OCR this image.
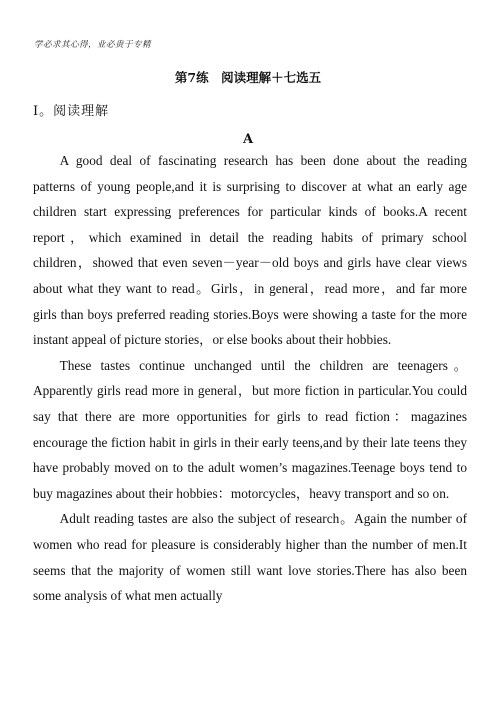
学必求其心得，业必贵于专精
第7练　阅读理解＋七选五
Ⅰ。阅读理解
A

A good deal of fascinating research has been done about the reading patterns of young people,and it is surprising to discover at what an early age children start expressing preferences for particular kinds of books.A recent report，which examined in detail the reading habits of primary school children，showed that even seven－year－old boys and girls have clear views about what they want to read。Girls，in general，read more，and far more girls than boys preferred reading stories.Boys were showing a taste for the more instant appeal of picture stories，or else books about their hobbies.

These tastes continue unchanged until the children are teenagers。Apparently girls read more in general，but more fiction in particular.You could say that there are more opportunities for girls to read fiction：magazines encourage the fiction habit in girls in their early teens,and by their late teens they have probably moved on to the adult women’s magazines.Teenage boys tend to buy magazines about their hobbies：motorcycles，heavy transport and so on.

Adult reading tastes are also the subject of research。Again the number of women who read for pleasure is considerably higher than the number of men.It seems that the majority of women still want love stories.There has also been some analysis of what men actually
